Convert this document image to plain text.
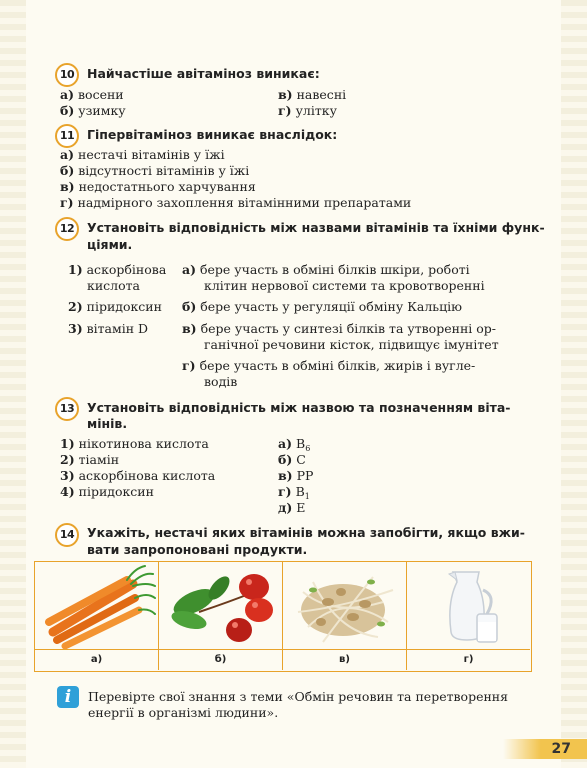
10	Найчастіше авітаміноз виникає:
а) восени
б) узимку
в) навесні
г) улітку
11	Гіпервітаміноз виникає внаслідок:
а) нестачі вітамінів у їжі
б) відсутності вітамінів у їжі
в) недостатнього харчування
г) надмірного захоплення вітамінними препаратами
12	Установіть відповідність між назвами вітамінів та їхніми функ-
ціями.
1) аскорбінова
кислота
2) піридоксин
3) вітамін D
а) бере участь в обміні білків шкіри, роботі
клітин нервової системи та кровотворенні
б) бере участь у регуляції обміну Кальцію
в) бере участь у синтезі білків та утворенні ор-
ганічної речовини кісток, підвищує імунітет
г) бере участь в обміні білків, жирів і вугле-
водів
13	Установіть відповідність між назвою та позначенням віта-
мінів.
1) нікотинова кислота
2) тіамін
3) аскорбінова кислота
4) піридоксин
а) $B_6$
б) C
в) PP
г) $B_1$
д) E
14	Укажіть, нестачі яких вітамінів можна запобігти, якщо вжи-
вати запропоновані продукти.
а)	б)	в)	г)
i	Перевірте свої знання з теми «Обмін речовин та перетворення
енергії в організмі людини».
27
